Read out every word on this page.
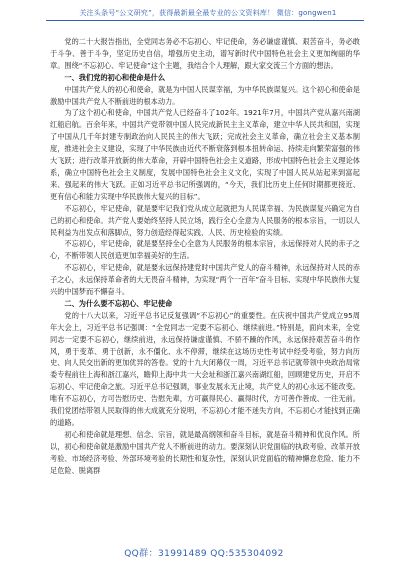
关注头条号“公文研究”，获得最新最全最专业的公文资料库！ 微信：gongwen1

党的二十大报告指出，全党同志务必不忘初心、牢记使命，务必谦虚谨慎、艰苦奋斗，务必敢于斗争、善于斗争，坚定历史自信，增强历史主动，谱写新时代中国特色社会主义更加绚丽的华章。围绕“不忘初心、牢记使命”这个主题，我结合个人理解，跟大家交流三个方面的想法。

一、我们党的初心和使命是什么

中国共产党人的初心和使命，就是为中国人民谋幸福，为中华民族谋复兴。这个初心和使命是激励中国共产党人不断前进的根本动力。

为了这个初心和使命，中国共产党人已经奋斗了102年。1921年7月，中国共产党从嘉兴南湖红船启航。百余年来，中国共产党带领中国人民完成新民主主义革命，建立中华人民共和国，实现了中国从几千年封建专制政治向人民民主的伟大飞跃；完成社会主义革命，确立社会主义基本制度，推进社会主义建设，实现了中华民族由近代不断衰落到根本扭转命运、持续走向繁荣富强的伟大飞跃；进行改革开放新的伟大革命，开辟中国特色社会主义道路，形成中国特色社会主义理论体系，确立中国特色社会主义制度，发展中国特色社会主义文化，实现了中国人民从站起来到富起来、强起来的伟大飞跃。正如习近平总书记所强调的，“今天，我们比历史上任何时期都更接近、更有信心和能力实现中华民族伟大复兴的目标”。

不忘初心，牢记使命，就是要牢记我们党从成立起就把为人民谋幸福、为民族谋复兴确定为自己的初心和使命。共产党人要始终坚持人民立场，践行全心全意为人民服务的根本宗旨，一切以人民利益为出发点和落脚点，努力创造经得起实践、人民、历史检验的实绩。

不忘初心，牢记使命，就是要坚持全心全意为人民服务的根本宗旨，永远保持对人民的赤子之心，不断带领人民创造更加幸福美好的生活。

不忘初心，牢记使命，就是要永远保持建党时中国共产党人的奋斗精神，永远保持对人民的赤子之心，永远保持革命者的大无畏奋斗精神，为实现“两个一百年”奋斗目标、实现中华民族伟大复兴的中国梦而不懈奋斗。

二、为什么要不忘初心、牢记使命

党的十八大以来，习近平总书记反复强调“不忘初心”的重要性。在庆祝中国共产党成立95周年大会上，习近平总书记强调：“全党同志一定要不忘初心、继续前进。”特别是，面向未来，全党同志一定要不忘初心，继续前进，永远保持谦虚谨慎、不骄不躁的作风，永远保持艰苦奋斗的作风，勇于变革、勇于创新，永不僵化、永不停滞，继续在这场历史性考试中经受考验，努力向历史、向人民交出新的更加优异的答卷。党的十九大闭幕仅一周，习近平总书记就带领中央政治局常委专程前往上海和浙江嘉兴，瞻仰上海中共一大会址和浙江嘉兴南湖红船，回顾建党历史，开启不忘初心、牢记使命之旅。习近平总书记强调，事业发展永无止境，共产党人的初心永远不能改变。唯有不忘初心，方可告慰历史、告慰先辈，方可赢得民心、赢得时代，方可善作善成、一往无前。我们党团结带领人民取得的伟大成就充分说明，不忘初心才能不迷失方向，不忘初心才能找到正确的道路。

初心和使命就是理想、信念、宗旨，就是最高纲领和奋斗目标，就是奋斗精神和优良作风。所以，初心和使命就是激励中国共产党人不断前进的动力。要深刻认识党面临的执政考验、改革开放考验、市场经济考验、外部环境考验的长期性和复杂性，深刻认识党面临的精神懈怠危险、能力不足危险、脱离群

QQ群：31991489 QQ:535304092
